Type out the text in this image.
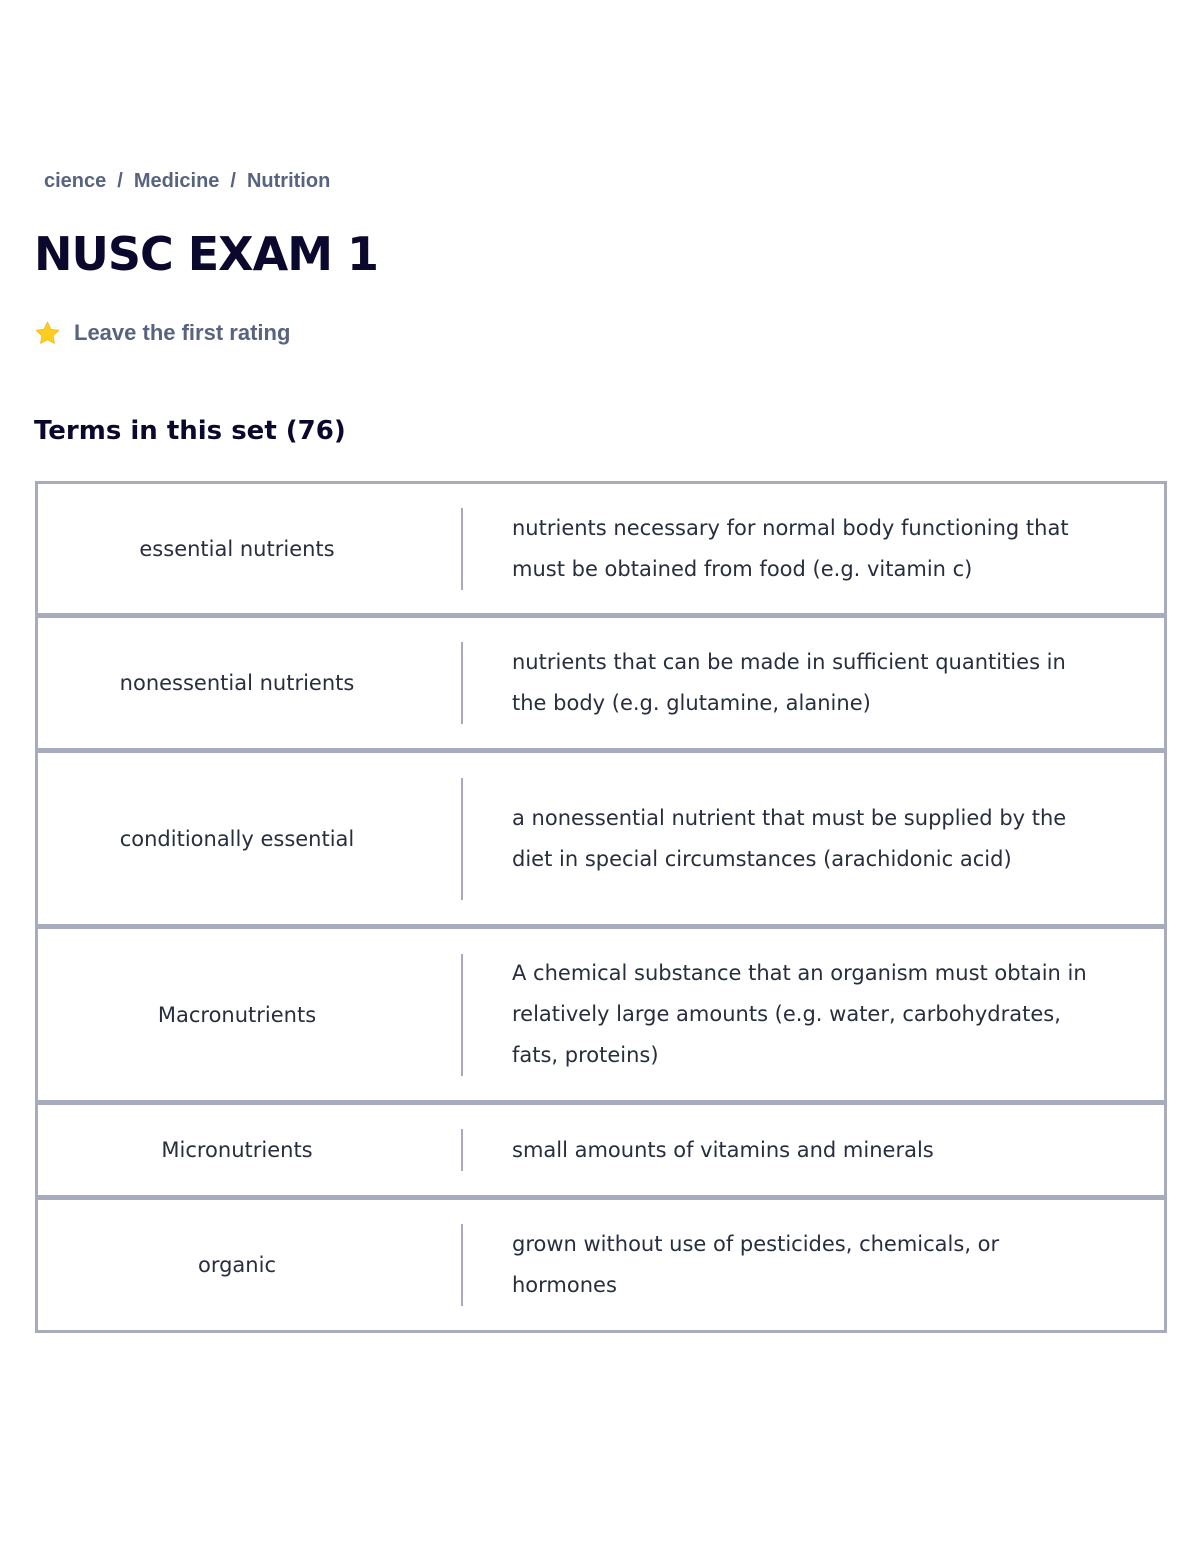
cience / Medicine / Nutrition
NUSC EXAM 1
Leave the first rating
Terms in this set (76)
essential nutrients
nutrients necessary for normal body functioning that must be obtained from food (e.g. vitamin c)
nonessential nutrients
nutrients that can be made in sufficient quantities in the body (e.g. glutamine, alanine)
conditionally essential
a nonessential nutrient that must be supplied by the diet in special circumstances (arachidonic acid)
Macronutrients
A chemical substance that an organism must obtain in relatively large amounts (e.g. water, carbohydrates, fats, proteins)
Micronutrients	small amounts of vitamins and minerals
organic
grown without use of pesticides, chemicals, or hormones
